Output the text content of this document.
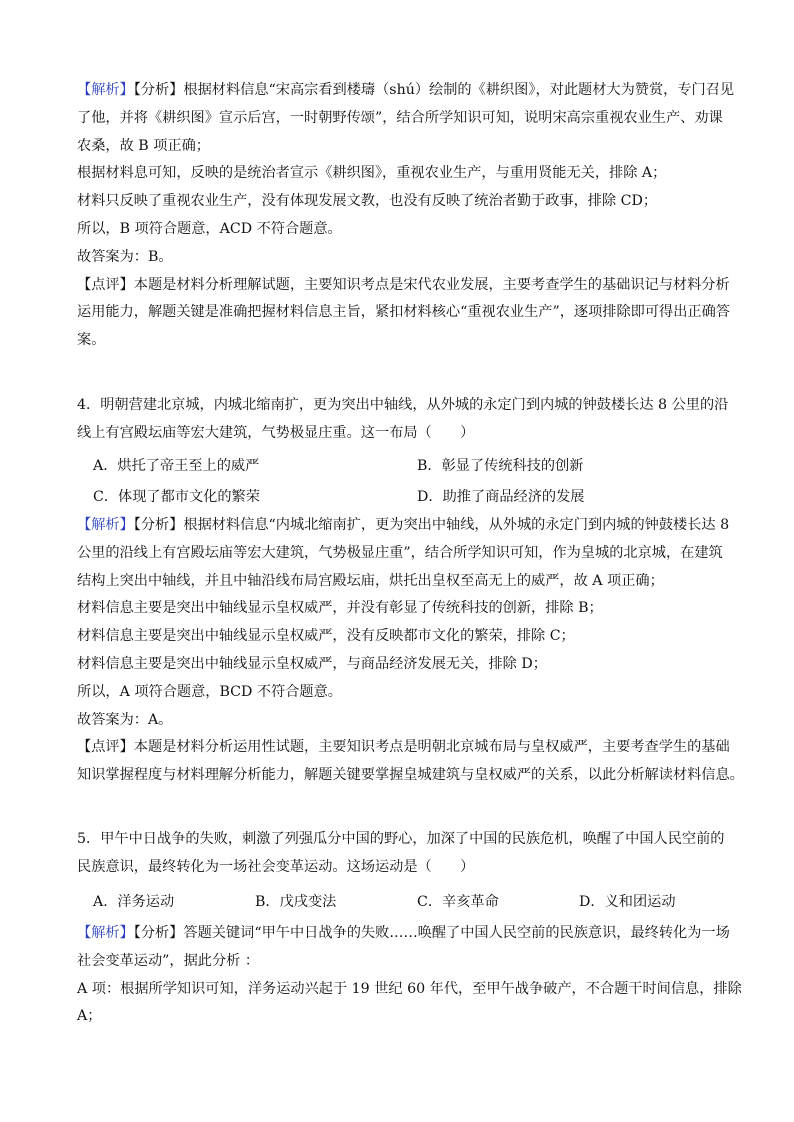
【解析】【分析】根据材料信息“宋高宗看到楼璹（shú）绘制的《耕织图》，对此题材大为赞赏，专门召见
了他，并将《耕织图》宣示后宫，一时朝野传颂”，结合所学知识可知，说明宋高宗重视农业生产、劝课
农桑，故 B 项正确；
根据材料息可知，反映的是统治者宣示《耕织图》，重视农业生产，与重用贤能无关，排除 A；
材料只反映了重视农业生产，没有体现发展文教，也没有反映了统治者勤于政事，排除 CD；
所以，B 项符合题意，ACD 不符合题意。
故答案为：B。
【点评】本题是材料分析理解试题，主要知识考点是宋代农业发展，主要考查学生的基础识记与材料分析
运用能力，解题关键是准确把握材料信息主旨，紧扣材料核心“重视农业生产”，逐项排除即可得出正确答
案。
4．明朝营建北京城，内城北缩南扩，更为突出中轴线，从外城的永定门到内城的钟鼓楼长达 8 公里的沿
线上有宫殿坛庙等宏大建筑，气势极显庄重。这一布局（　　）
A．烘托了帝王至上的威严	B．彰显了传统科技的创新
C．体现了都市文化的繁荣	D．助推了商品经济的发展
【解析】【分析】根据材料信息“内城北缩南扩，更为突出中轴线，从外城的永定门到内城的钟鼓楼长达 8
公里的沿线上有宫殿坛庙等宏大建筑，气势极显庄重”，结合所学知识可知，作为皇城的北京城，在建筑
结构上突出中轴线，并且中轴沿线布局宫殿坛庙，烘托出皇权至高无上的威严，故 A 项正确；
材料信息主要是突出中轴线显示皇权威严，并没有彰显了传统科技的创新，排除 B；
材料信息主要是突出中轴线显示皇权威严，没有反映都市文化的繁荣，排除 C；
材料信息主要是突出中轴线显示皇权威严，与商品经济发展无关，排除 D；
所以，A 项符合题意，BCD 不符合题意。
故答案为：A。
【点评】本题是材料分析运用性试题，主要知识考点是明朝北京城布局与皇权威严，主要考查学生的基础
知识掌握程度与材料理解分析能力，解题关键要掌握皇城建筑与皇权威严的关系，以此分析解读材料信息。
5．甲午中日战争的失败，刺激了列强瓜分中国的野心，加深了中国的民族危机，唤醒了中国人民空前的
民族意识，最终转化为一场社会变革运动。这场运动是（　　）
A．洋务运动	B．戊戌变法	C．辛亥革命	D．义和团运动
【解析】【分析】答题关键词“甲午中日战争的失败……唤醒了中国人民空前的民族意识，最终转化为一场
社会变革运动”，据此分析 ：
A 项：根据所学知识可知，洋务运动兴起于 19 世纪 60 年代，至甲午战争破产，不合题干时间信息，排除
A；
